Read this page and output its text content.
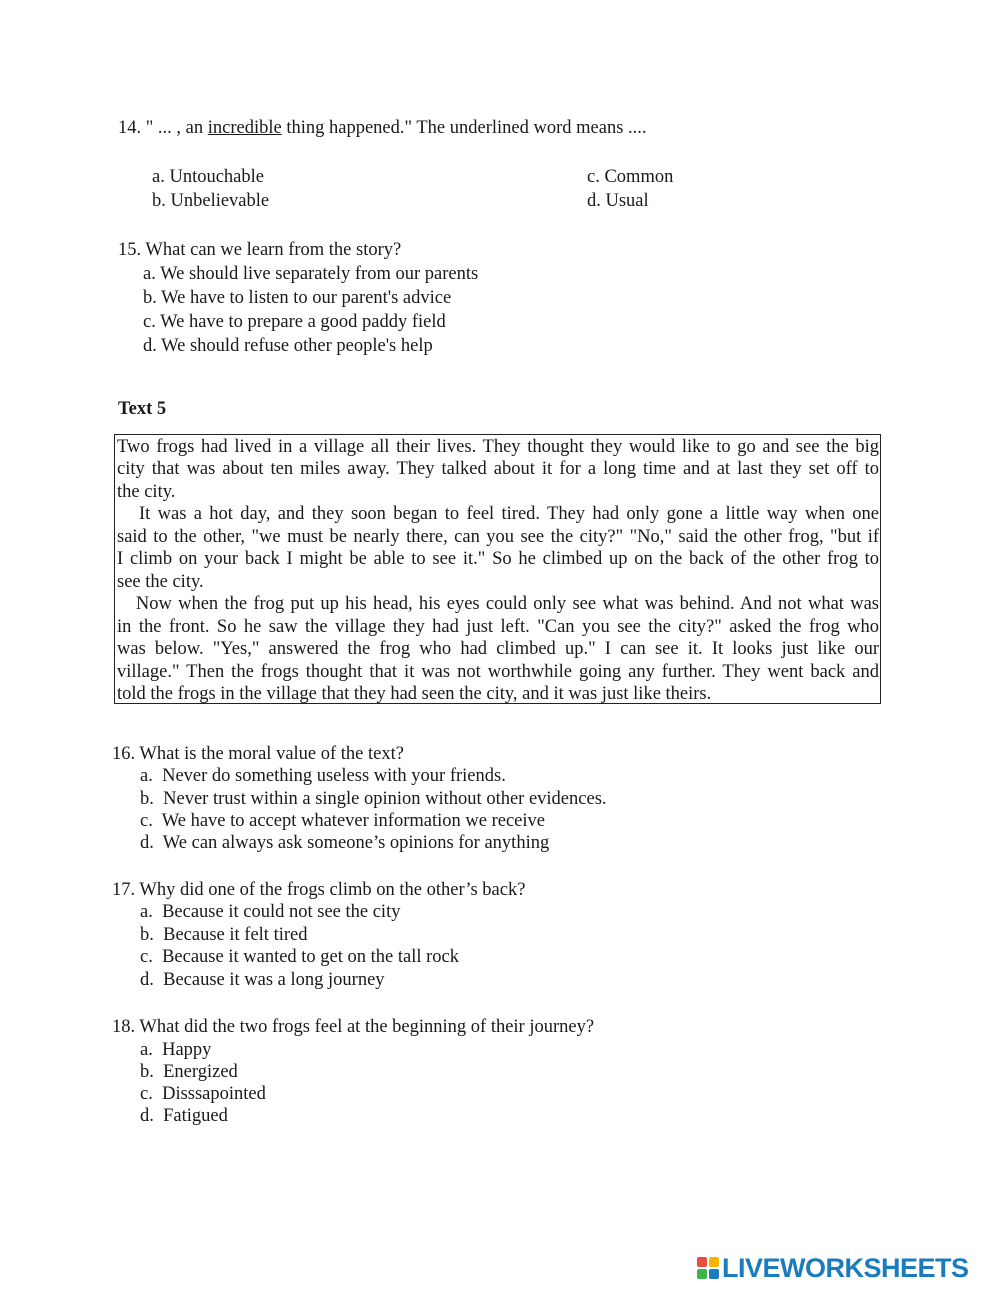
14. " ... , an incredible thing happened." The underlined word means ....
a. Untouchable
b. Unbelievable
c. Common
d. Usual
15. What can we learn from the story?
a. We should live separately from our parents
b. We have to listen to our parent's advice
c. We have to prepare a good paddy field
d. We should refuse other people's help
Text 5
Two frogs had lived in a village all their lives. They thought they would like to go and see the big
city that was about ten miles away. They talked about it for a long time and at last they set off to
the city.
It was a hot day, and they soon began to feel tired. They had only gone a little way when one
said to the other, "we must be nearly there, can you see the city?" "No," said the other frog, "but if
I climb on your back I might be able to see it." So he climbed up on the back of the other frog to
see the city.
Now when the frog put up his head, his eyes could only see what was behind. And not what was
in the front. So he saw the village they had just left. "Can you see the city?" asked the frog who
was below. "Yes," answered the frog who had climbed up." I can see it. It looks just like our
village." Then the frogs thought that it was not worthwhile going any further. They went back and
told the frogs in the village that they had seen the city, and it was just like theirs.
16. What is the moral value of the text?
a.  Never do something useless with your friends.
b.  Never trust within a single opinion without other evidences.
c.  We have to accept whatever information we receive
d.  We can always ask someone’s opinions for anything
17. Why did one of the frogs climb on the other’s back?
a.  Because it could not see the city
b.  Because it felt tired
c.  Because it wanted to get on the tall rock
d.  Because it was a long journey
18. What did the two frogs feel at the beginning of their journey?
a.  Happy
b.  Energized
c.  Disssapointed
d.  Fatigued
LIVEWORKSHEETS
